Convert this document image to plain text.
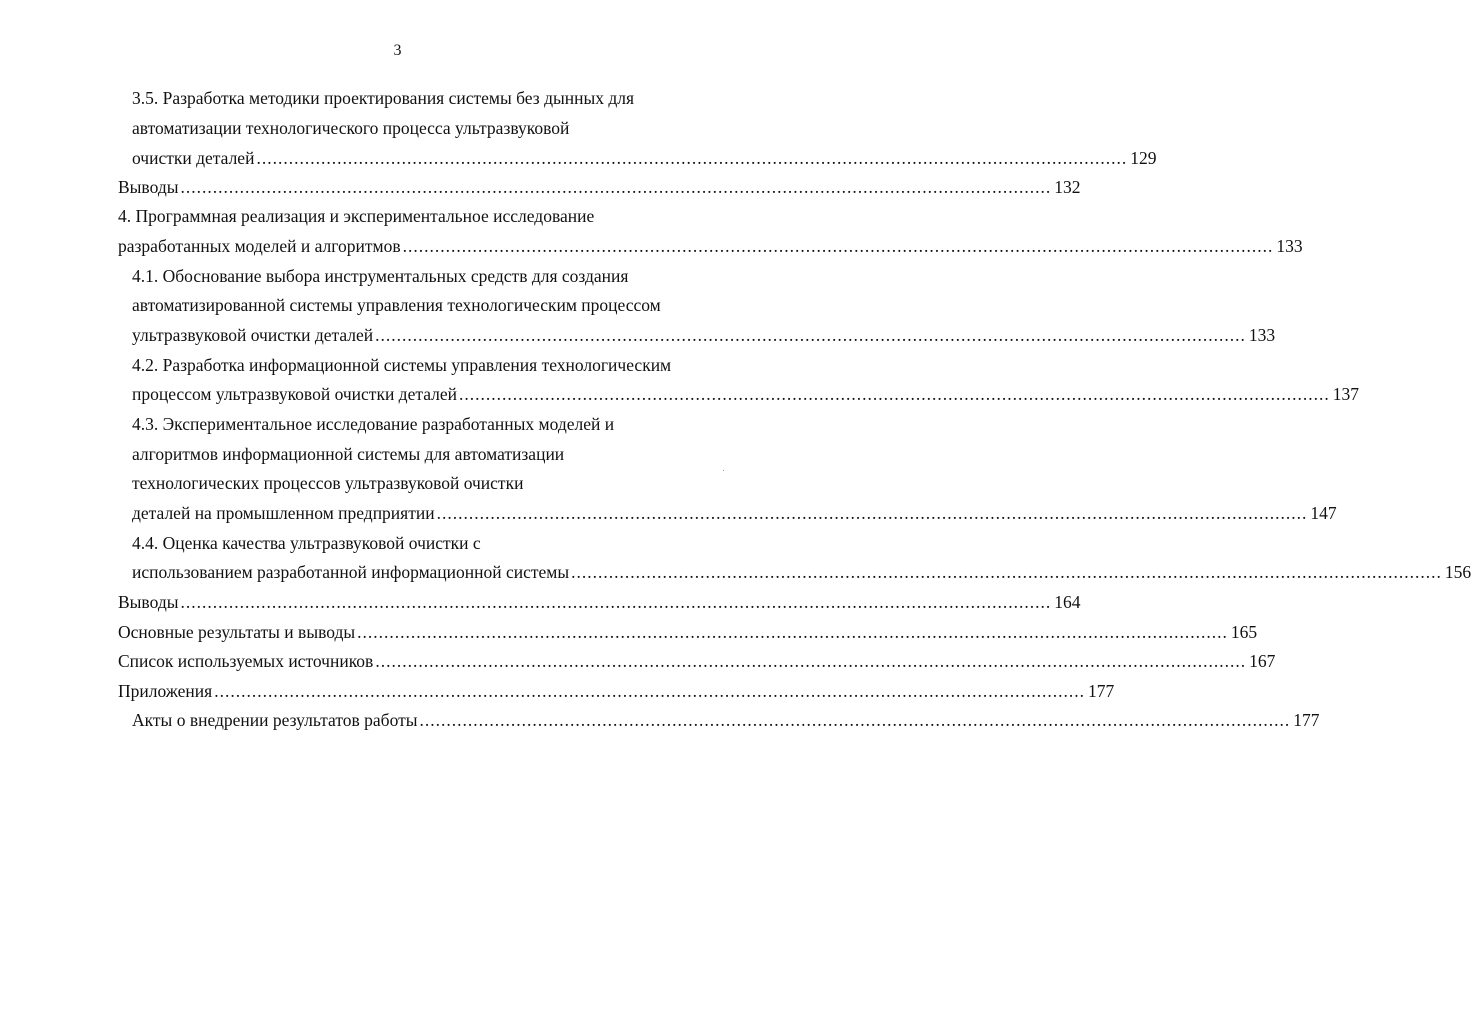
3
3.5. Разработка методики проектирования системы без дынных для
автоматизации технологического процесса ультразвуковой
очистки деталей .................................................................................................................................................................. 129
Выводы .................................................................................................................................................................. 132
4. Программная реализация и экспериментальное исследование
разработанных моделей и алгоритмов .................................................................................................................................................................. 133
4.1. Обоснование выбора инструментальных средств для создания
автоматизированной системы управления технологическим процессом
ультразвуковой очистки деталей .................................................................................................................................................................. 133
4.2. Разработка информационной системы управления технологическим
процессом ультразвуковой очистки деталей .................................................................................................................................................................. 137
4.3. Экспериментальное исследование разработанных моделей и
алгоритмов информационной системы для автоматизации
технологических процессов ультразвуковой очистки
деталей на промышленном предприятии .................................................................................................................................................................. 147
4.4. Оценка качества ультразвуковой очистки с
использованием разработанной информационной системы .................................................................................................................................................................. 156
Выводы .................................................................................................................................................................. 164
Основные результаты и выводы .................................................................................................................................................................. 165
Список используемых источников .................................................................................................................................................................. 167
Приложения .................................................................................................................................................................. 177
Акты о внедрении результатов работы .................................................................................................................................................................. 177
